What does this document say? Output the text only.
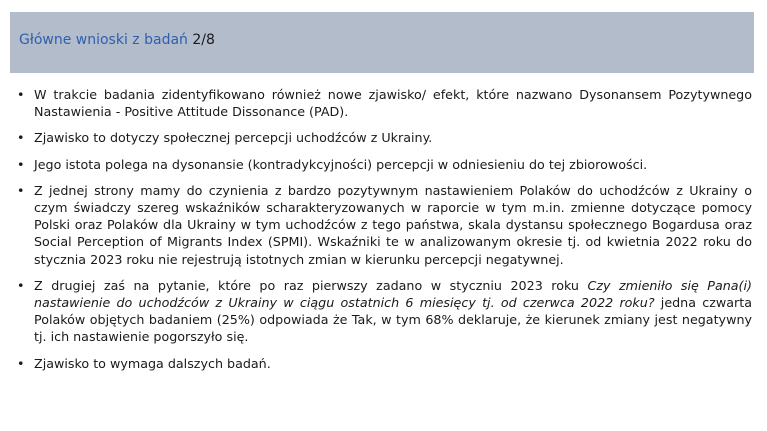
Główne wnioski z badań 2/8
• W trakcie badania zidentyfikowano również nowe zjawisko/ efekt, które nazwano Dysonansem Pozytywnego Nastawienia - Positive Attitude Dissonance (PAD).
• Zjawisko to dotyczy społecznej percepcji uchodźców z Ukrainy.
• Jego istota polega na dysonansie (kontradykcyjności) percepcji w odniesieniu do tej zbiorowości.
• Z jednej strony mamy do czynienia z bardzo pozytywnym nastawieniem Polaków do uchodźców z Ukrainy o czym świadczy szereg wskaźników scharakteryzowanych w raporcie w tym m.in. zmienne dotyczące pomocy Polski oraz Polaków dla Ukrainy w tym uchodźców z tego państwa, skala dystansu społecznego Bogardusa oraz Social Perception of Migrants Index (SPMI). Wskaźniki te w analizowanym okresie tj. od kwietnia 2022 roku do stycznia 2023 roku nie rejestrują istotnych zmian w kierunku percepcji negatywnej.
• Z drugiej zaś na pytanie, które po raz pierwszy zadano w styczniu 2023 roku Czy zmieniło się Pana(i) nastawienie do uchodźców z Ukrainy w ciągu ostatnich 6 miesięcy tj. od czerwca 2022 roku? jedna czwarta Polaków objętych badaniem (25%) odpowiada że Tak, w tym 68% deklaruje, że kierunek zmiany jest negatywny tj. ich nastawienie pogorszyło się.
• Zjawisko to wymaga dalszych badań.
